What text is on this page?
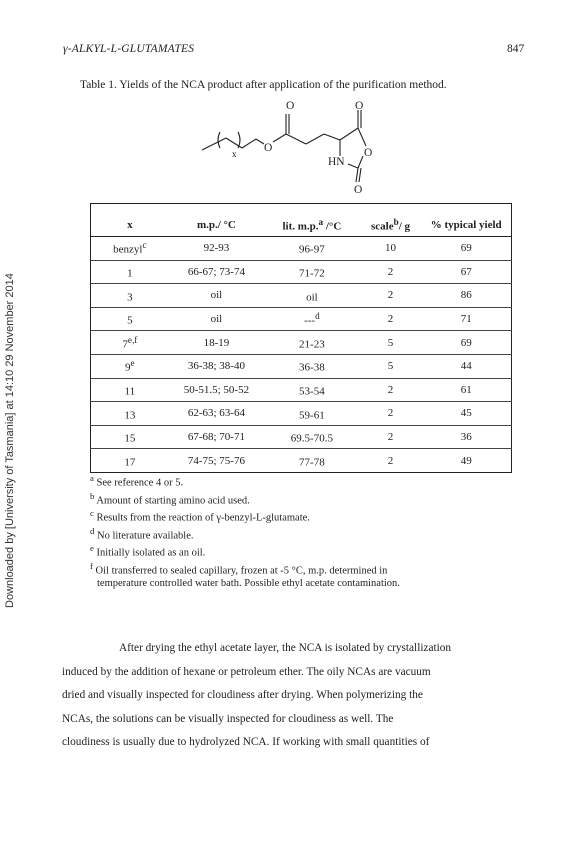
γ-ALKYL-L-GLUTAMATES	847
Downloaded by [University of Tasmania] at 14:10 29 November 2014
Table 1. Yields of the NCA product after application of the purification method.
O	O
O	O
O
HN
x

x	m.p./ °C	lit. m.p.$^a$ /°C	scale$^b$/ g	% typical yield
benzyl$^c$	92-93	96-97	10	69
1	66-67; 73-74	71-72	2	67
3	oil	oil	2	86
5	oil	---$^d$	2	71
7$^{e,f}$	18-19	21-23	5	69
9e	36-38; 38-40	36-38	5	44
11	50-51.5; 50-52	53-54	2	61
13	62-63; 63-64	59-61	2	45
15	67-68; 70-71	69.5-70.5	2	36
17	74-75; 75-76	77-78	2	49
$^a$ See reference 4 or 5.
$^b$ Amount of starting amino acid used.
$^c$ Results from the reaction of γ-benzyl-L-glutamate.
$^d$ No literature available.
$^e$ Initially isolated as an oil.
$^f$ Oil transferred to sealed capillary, frozen at -5 °C, m.p. determined in
temperature controlled water bath. Possible ethyl acetate contamination.
After drying the ethyl acetate layer, the NCA is isolated by crystallization
induced by the addition of hexane or petroleum ether. The oily NCAs are vacuum
dried and visually inspected for cloudiness after drying. When polymerizing the
NCAs, the solutions can be visually inspected for cloudiness as well. The
cloudiness is usually due to hydrolyzed NCA. If working with small quantities of
